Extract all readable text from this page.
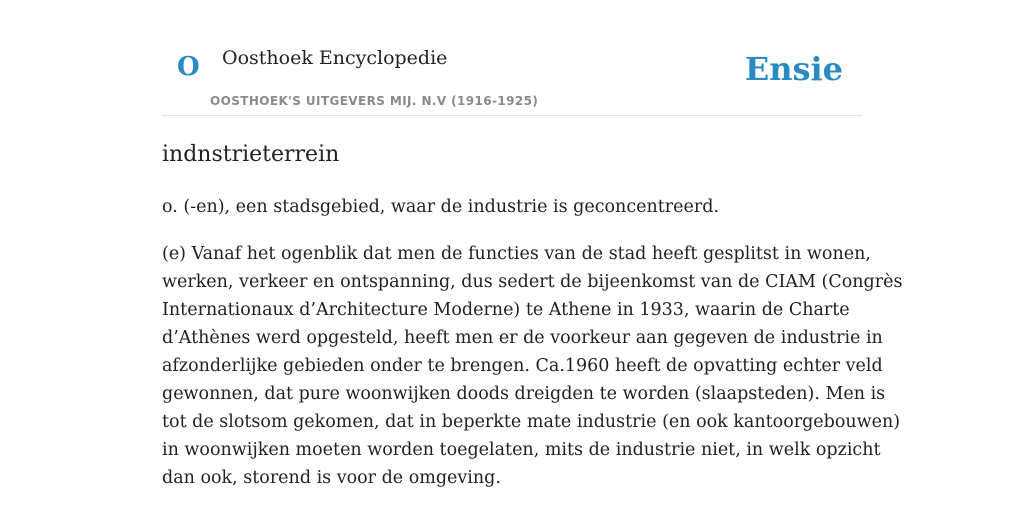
O Oosthoek Encyclopedie
OOSTHOEK'S UITGEVERS MIJ. N.V (1916-1925)
Ensie
indnstrieterrein

o. (-en), een stadsgebied, waar de industrie is geconcentreerd.

(e) Vanaf het ogenblik dat men de functies van de stad heeft gesplitst in wonen,
werken, verkeer en ontspanning, dus sedert de bijeenkomst van de CIAM (Congrès
Internationaux d’Architecture Moderne) te Athene in 1933, waarin de Charte
d’Athènes werd opgesteld, heeft men er de voorkeur aan gegeven de industrie in
afzonderlijke gebieden onder te brengen. Ca.1960 heeft de opvatting echter veld
gewonnen, dat pure woonwijken doods dreigden te worden (slaapsteden). Men is
tot de slotsom gekomen, dat in beperkte mate industrie (en ook kantoorgebouwen)
in woonwijken moeten worden toegelaten, mits de industrie niet, in welk opzicht
dan ook, storend is voor de omgeving.
